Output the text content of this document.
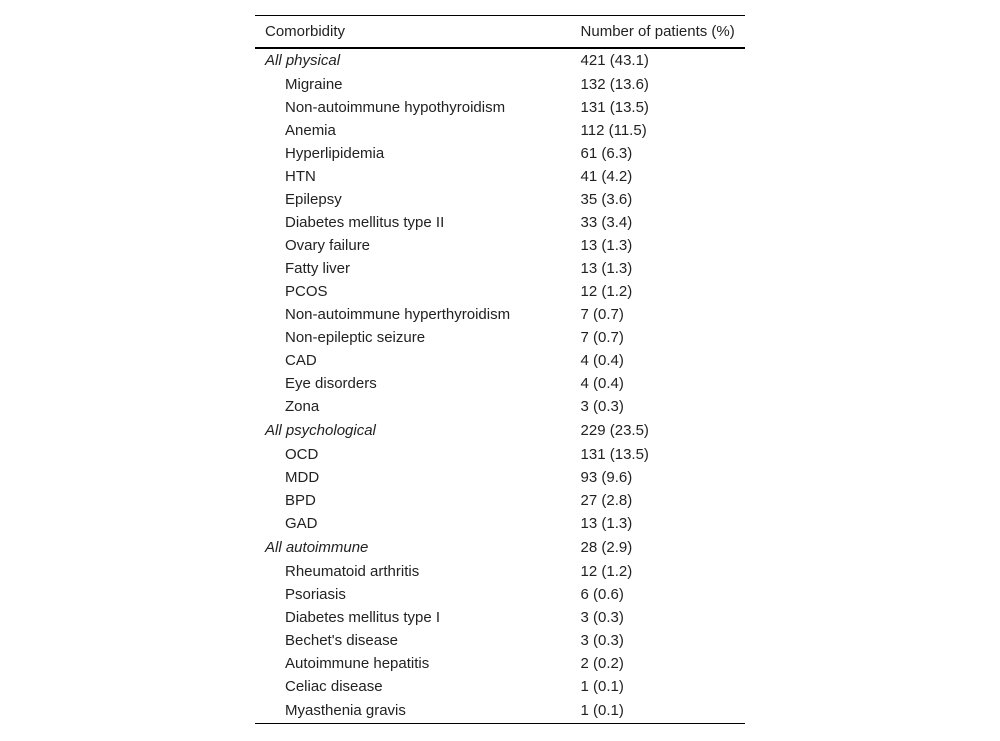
Comorbidity	Number of patients (%)
All physical	421 (43.1)
Migraine	132 (13.6)
Non-autoimmune hypothyroidism	131 (13.5)
Anemia	112 (11.5)
Hyperlipidemia	61 (6.3)
HTN	41 (4.2)
Epilepsy	35 (3.6)
Diabetes mellitus type II	33 (3.4)
Ovary failure	13 (1.3)
Fatty liver	13 (1.3)
PCOS	12 (1.2)
Non-autoimmune hyperthyroidism	7 (0.7)
Non-epileptic seizure	7 (0.7)
CAD	4 (0.4)
Eye disorders	4 (0.4)
Zona	3 (0.3)
All psychological	229 (23.5)
OCD	131 (13.5)
MDD	93 (9.6)
BPD	27 (2.8)
GAD	13 (1.3)
All autoimmune	28 (2.9)
Rheumatoid arthritis	12 (1.2)
Psoriasis	6 (0.6)
Diabetes mellitus type I	3 (0.3)
Bechet's disease	3 (0.3)
Autoimmune hepatitis	2 (0.2)
Celiac disease	1 (0.1)
Myasthenia gravis	1 (0.1)
